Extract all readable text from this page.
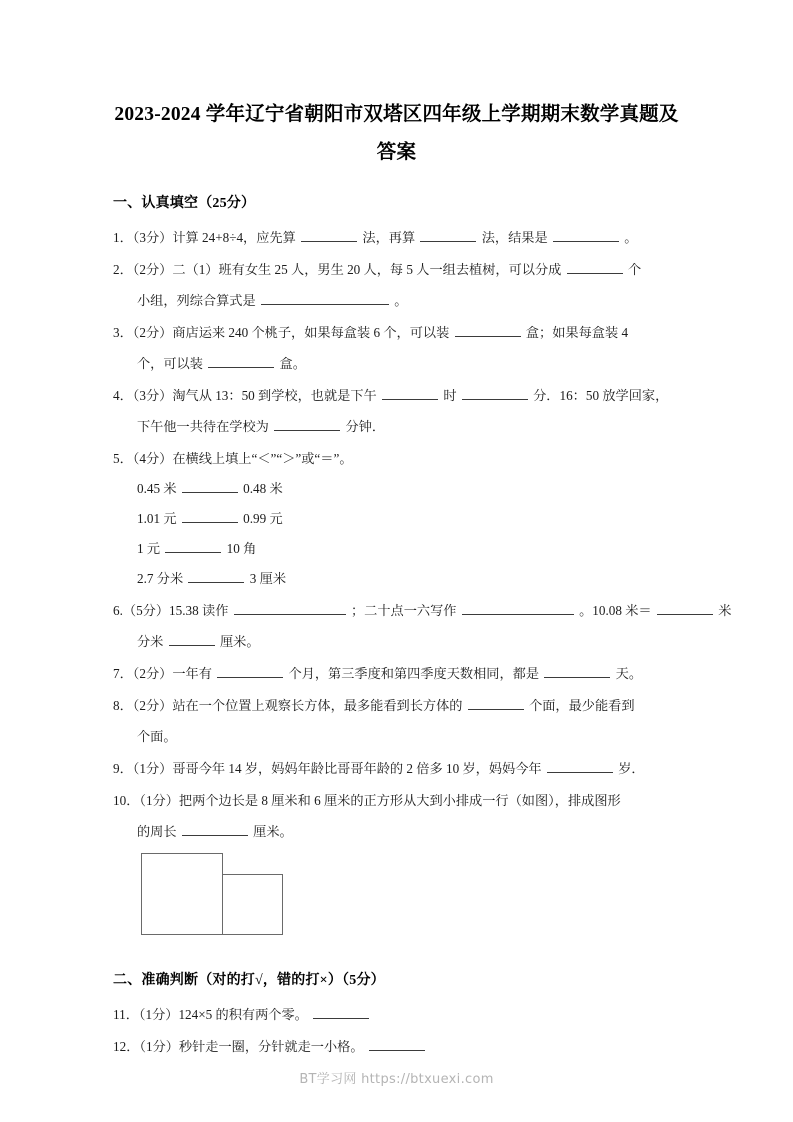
2023-2024 学年辽宁省朝阳市双塔区四年级上学期期末数学真题及答案
一、认真填空（25分）
1．（3分）计算 24+8÷4，应先算	法，再算	法，结果是	。
2．（2分）二（1）班有女生 25 人，男生 20 人，每 5 人一组去植树，可以分成	个
小组，列综合算式是	。
3．（2分）商店运来 240 个桃子，如果每盒装 6 个，可以装	盒；如果每盒装 4
个，可以装	盒。
4．（3分）淘气从 13：50 到学校，也就是下午	时	分．16：50 放学回家，
下午他一共待在学校为	分钟．
5．（4分）在横线上填上“＜”“＞”或“＝”。
0.45 米	0.48 米
1.01 元	0.99 元
1 元	10 角
2.7 分米	3 厘米
6.（5分）15.38 读作	；二十点一六写作	。10.08 米＝	米
分米	厘米。
7．（2分）一年有	个月，第三季度和第四季度天数相同，都是	天。
8．（2分）站在一个位置上观察长方体，最多能看到长方体的	个面，最少能看到
个面。
9．（1分）哥哥今年 14 岁，妈妈年龄比哥哥年龄的 2 倍多 10 岁，妈妈今年	岁．
10．（1分）把两个边长是 8 厘米和 6 厘米的正方形从大到小排成一行（如图），排成图形
的周长	厘米。
二、准确判断（对的打√，错的打×）（5分）
11．（1分）124×5 的积有两个零。
12．（1分）秒针走一圈，分针就走一小格。
BT学习网 https://btxuexi.com
